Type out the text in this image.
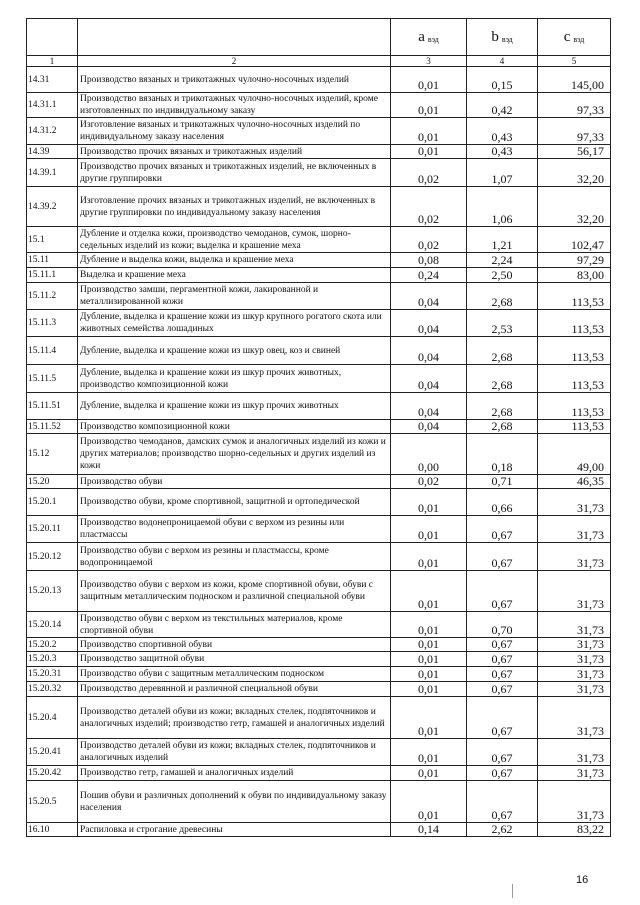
		a $_{вэд}$	b $_{вэд}$	c $_{вэд}$
1	2	3	4	5
14.31	Производство вязаных и трикотажных чулочно-носочных изделий	0,01	0,15	145,00
14.31.1	Производство вязаных и трикотажных чулочно-носочных изделий, кроме изготовленных по индивидуальному заказу	0,01	0,42	97,33
14.31.2	Изготовление вязаных и трикотажных чулочно-носочных изделий по индивидуальному заказу населения	0,01	0,43	97,33
14.39	Производство прочих вязаных и трикотажных изделий	0,01	0,43	56,17
14.39.1	Производство прочих вязаных и трикотажных изделий, не включенных в другие группировки	0,02	1,07	32,20
14.39.2	Изготовление прочих вязаных и трикотажных изделий, не включенных в другие группировки по индивидуальному заказу населения	0,02	1,06	32,20
15.1	Дубление и отделка кожи, производство чемоданов, сумок, шорно-седельных изделий из кожи; выделка и крашение меха	0,02	1,21	102,47
15.11	Дубление и выделка кожи, выделка и крашение меха	0,08	2,24	97,29
15.11.1	Выделка и крашение меха	0,24	2,50	83,00
15.11.2	Производство замши, пергаментной кожи, лакированной и металлизированной кожи	0,04	2,68	113,53
15.11.3	Дубление, выделка и крашение кожи из шкур крупного рогатого скота или животных семейства лошадиных	0,04	2,53	113,53
15.11.4	Дубление, выделка и крашение кожи из шкур овец, коз и свиней	0,04	2,68	113,53
15.11.5	Дубление, выделка и крашение кожи из шкур прочих животных, производство композиционной кожи	0,04	2,68	113,53
15.11.51	Дубление, выделка и крашение кожи из шкур прочих животных	0,04	2,68	113,53
15.11.52	Производство композиционной кожи	0,04	2,68	113,53
15.12	Производство чемоданов, дамских сумок и аналогичных изделий из кожи и других материалов; производство шорно-седельных и других изделий из кожи	0,00	0,18	49,00
15.20	Производство обуви	0,02	0,71	46,35
15.20.1	Производство обуви, кроме спортивной, защитной и ортопедической	0,01	0,66	31,73
15.20.11	Производство водонепроницаемой обуви с верхом из резины или пластмассы	0,01	0,67	31,73
15.20.12	Производство обуви с верхом из резины и пластмассы, кроме водопроницаемой	0,01	0,67	31,73
15.20.13	Производство обуви с верхом из кожи, кроме спортивной обуви, обуви с защитным металлическим подноском и различной специальной обуви	0,01	0,67	31,73
15.20.14	Производство обуви с верхом из текстильных материалов, кроме спортивной обуви	0,01	0,70	31,73
15.20.2	Производство спортивной обуви	0,01	0,67	31,73
15.20.3	Производство защитной обуви	0,01	0,67	31,73
15.20.31	Производство обуви с защитным металлическим подноском	0,01	0,67	31,73
15.20.32	Производство деревянной и различной специальной обуви	0,01	0,67	31,73
15.20.4	Производство деталей обуви из кожи; вкладных стелек, подпяточников и аналогичных изделий; производство гетр, гамашей и аналогичных изделий	0,01	0,67	31,73
15.20.41	Производство деталей обуви из кожи; вкладных стелек, подпяточников и аналогичных изделий	0,01	0,67	31,73
15.20.42	Производство гетр, гамашей и аналогичных изделий	0,01	0,67	31,73
15.20.5	Пошив обуви и различных дополнений к обуви по индивидуальному заказу населения	0,01	0,67	31,73
16.10	Распиловка и строгание древесины	0,14	2,62	83,22
16
